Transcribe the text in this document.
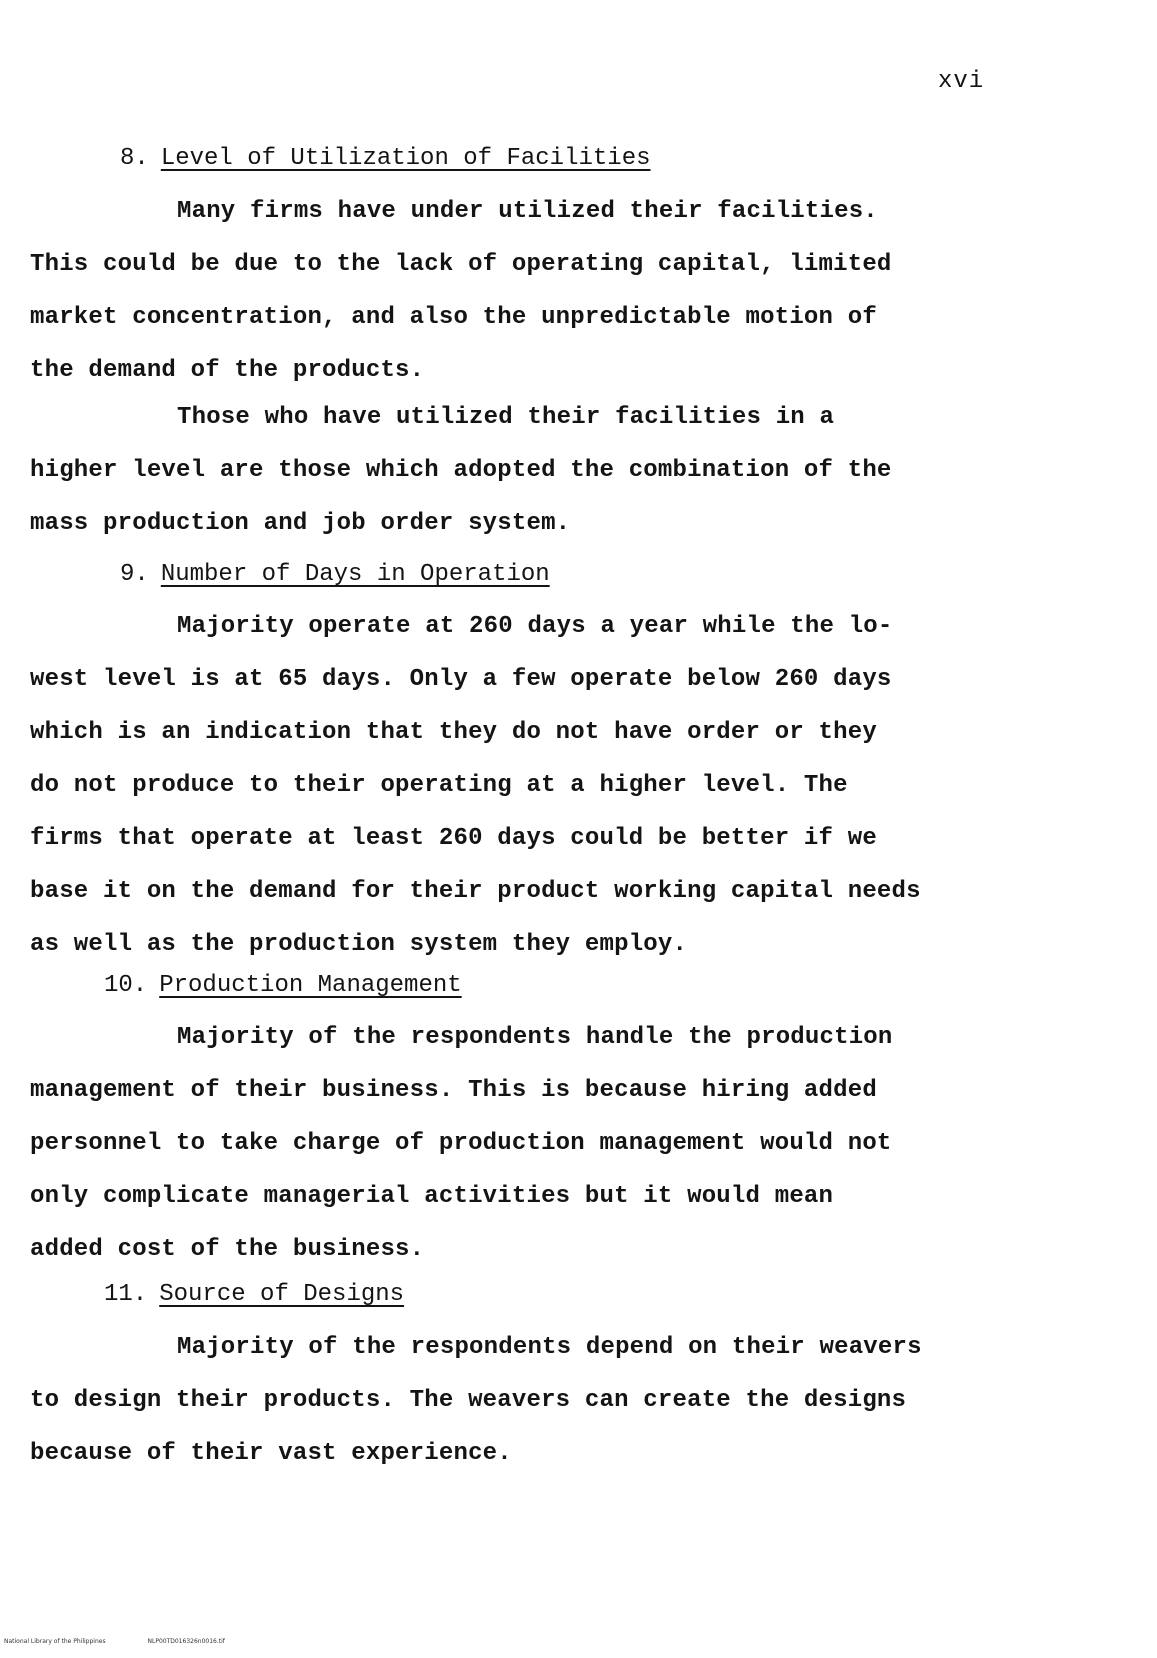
xvi
8. Level of Utilization of Facilities
Many firms have under utilized their facilities.
This could be due to the lack of operating capital, limited
market concentration, and also the unpredictable motion of
the demand of the products.
Those who have utilized their facilities in a
higher level are those which adopted the combination of the
mass production and job order system.
9. Number of Days in Operation
Majority operate at 260 days a year while the lo-
west level is at 65 days. Only a few operate below 260 days
which is an indication that they do not have order or they
do not produce to their operating at a higher level. The
firms that operate at least 260 days could be better if we
base it on the demand for their product working capital needs
as well as the production system they employ.
10. Production Management
Majority of the respondents handle the production
management of their business. This is because hiring added
personnel to take charge of production management would not
only complicate managerial activities but it would mean
added cost of the business.
11. Source of Designs
Majority of the respondents depend on their weavers
to design their products. The weavers can create the designs
because of their vast experience.
National Library of the Philippines	NLP00TD016326n0016.tif
